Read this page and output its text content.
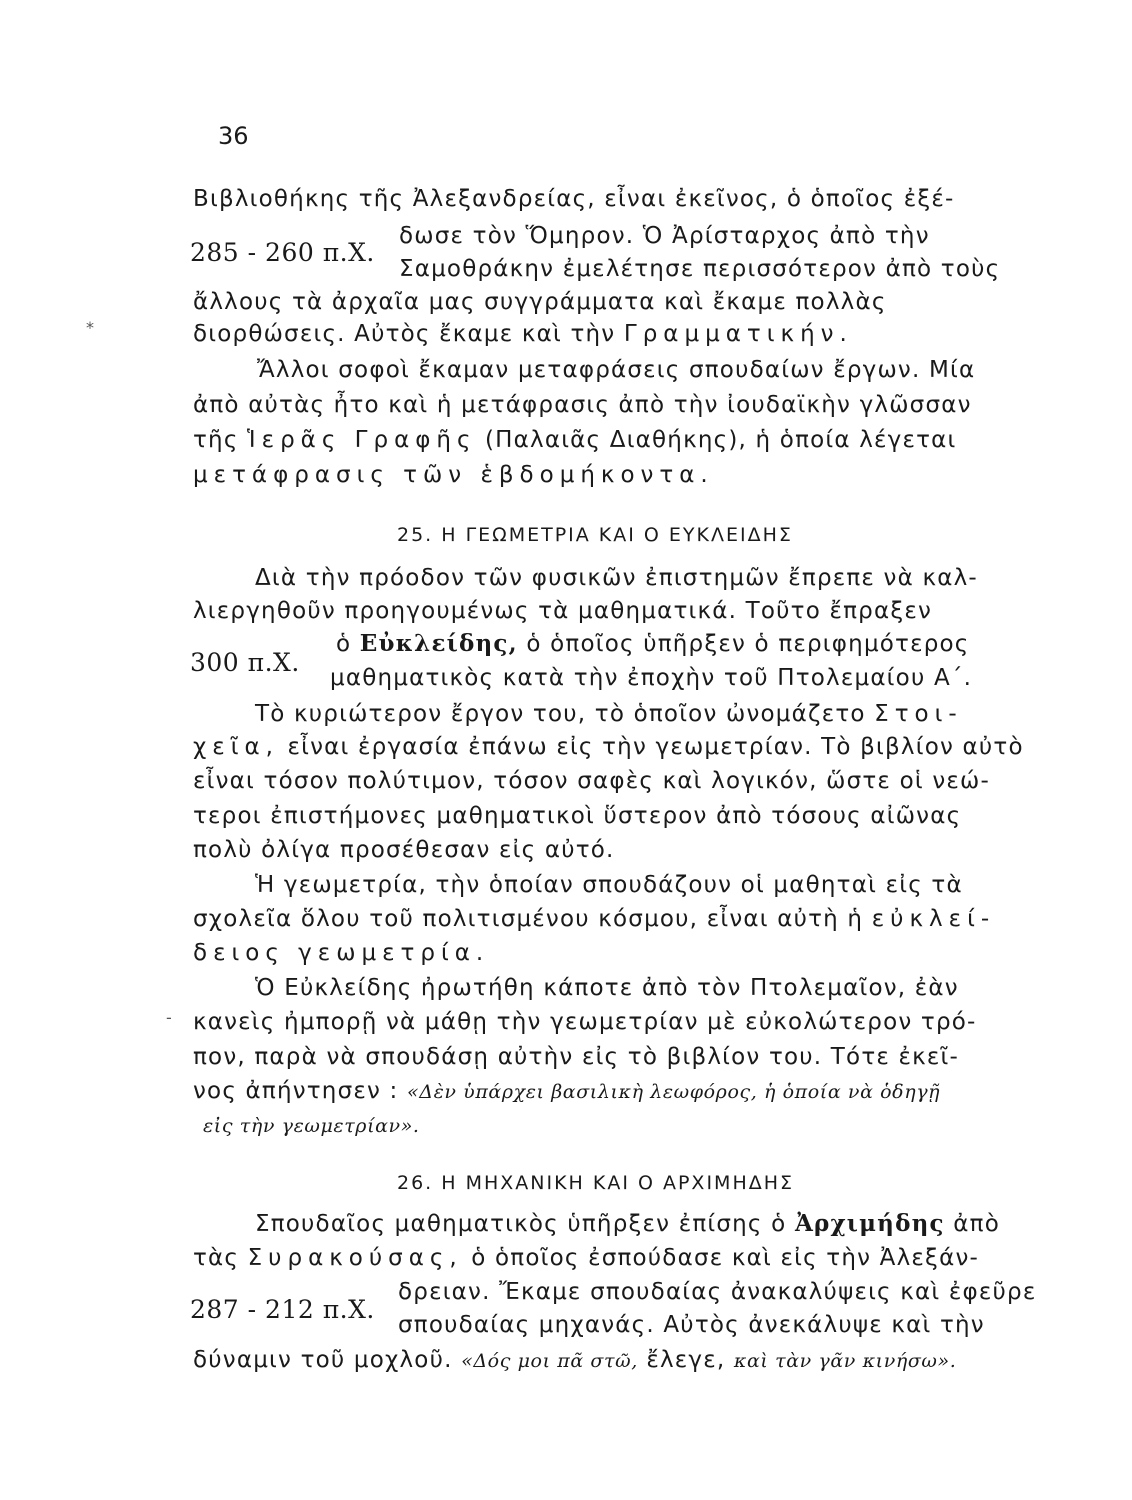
36
Βιβλιοθήκης τῆς Ἀλεξανδρείας, εἶναι ἐκεῖνος, ὁ ὁποῖος ἐξέ-
285 - 260 π.Χ.
δωσε τὸν Ὅμηρον. Ὁ Ἀρίσταρχος ἀπὸ τὴν
Σαμοθράκην ἐμελέτησε περισσότερον ἀπὸ τοὺς
ἄλλους τὰ ἀρχαῖα μας συγγράμματα καὶ ἔκαμε πολλὰς
διορθώσεις. Αὐτὸς ἔκαμε καὶ τὴν Γραμματικήν.
Ἄλλοι σοφοὶ ἔκαμαν μεταφράσεις σπουδαίων ἔργων. Μία
ἀπὸ αὐτὰς ἦτο καὶ ἡ μετάφρασις ἀπὸ τὴν ἰουδαϊκὴν γλῶσσαν
τῆς Ἱερᾶς Γραφῆς (Παλαιᾶς Διαθήκης), ἡ ὁποία λέγεται
μετάφρασις τῶν ἑβδομήκοντα.
25. Η ΓΕΩΜΕΤΡΙΑ ΚΑΙ Ο ΕΥΚΛΕΙΔΗΣ
Διὰ τὴν πρόοδον τῶν φυσικῶν ἐπιστημῶν ἔπρεπε νὰ καλ-
λιεργηθοῦν προηγουμένως τὰ μαθηματικά. Τοῦτο ἔπραξεν
300 π.Χ.
ὁ Εὐκλείδης, ὁ ὁποῖος ὑπῆρξεν ὁ περιφημότερος
μαθηματικὸς κατὰ τὴν ἐποχὴν τοῦ Πτολεμαίου Α΄.
Τὸ κυριώτερον ἔργον του, τὸ ὁποῖον ὠνομάζετο Στοι-
χεῖα, εἶναι ἐργασία ἐπάνω εἰς τὴν γεωμετρίαν. Τὸ βιβλίον αὐτὸ
εἶναι τόσον πολύτιμον, τόσον σαφὲς καὶ λογικόν, ὥστε οἱ νεώ-
τεροι ἐπιστήμονες μαθηματικοὶ ὕστερον ἀπὸ τόσους αἰῶνας
πολὺ ὀλίγα προσέθεσαν εἰς αὐτό.
Ἡ γεωμετρία, τὴν ὁποίαν σπουδάζουν οἱ μαθηταὶ εἰς τὰ
σχολεῖα ὅλου τοῦ πολιτισμένου κόσμου, εἶναι αὐτὴ ἡ εὐκλεί-
δειος γεωμετρία.
Ὁ Εὐκλείδης ἠρωτήθη κάποτε ἀπὸ τὸν Πτολεμαῖον, ἐὰν
κανεὶς ἠμπορῇ νὰ μάθῃ τὴν γεωμετρίαν μὲ εὐκολώτερον τρό-
πον, παρὰ νὰ σπουδάσῃ αὐτὴν εἰς τὸ βιβλίον του. Τότε ἐκεῖ-
νος ἀπήντησεν : «Δὲν ὑπάρχει βασιλικὴ λεωφόρος, ἡ ὁποία νὰ ὁδηγῇ
εἰς τὴν γεωμετρίαν».
26. Η ΜΗΧΑΝΙΚΗ ΚΑΙ Ο ΑΡΧΙΜΗΔΗΣ
Σπουδαῖος μαθηματικὸς ὑπῆρξεν ἐπίσης ὁ Ἀρχιμήδης ἀπὸ
τὰς Συρακούσας, ὁ ὁποῖος ἐσπούδασε καὶ εἰς τὴν Ἀλεξάν-
287 - 212 π.Χ.
δρειαν. Ἔκαμε σπουδαίας ἀνακαλύψεις καὶ ἐφεῦρε
σπουδαίας μηχανάς. Αὐτὸς ἀνεκάλυψε καὶ τὴν
δύναμιν τοῦ μοχλοῦ. «Δός μοι πᾶ στῶ, ἔλεγε, καὶ τὰν γᾶν κινήσω».
*
-
